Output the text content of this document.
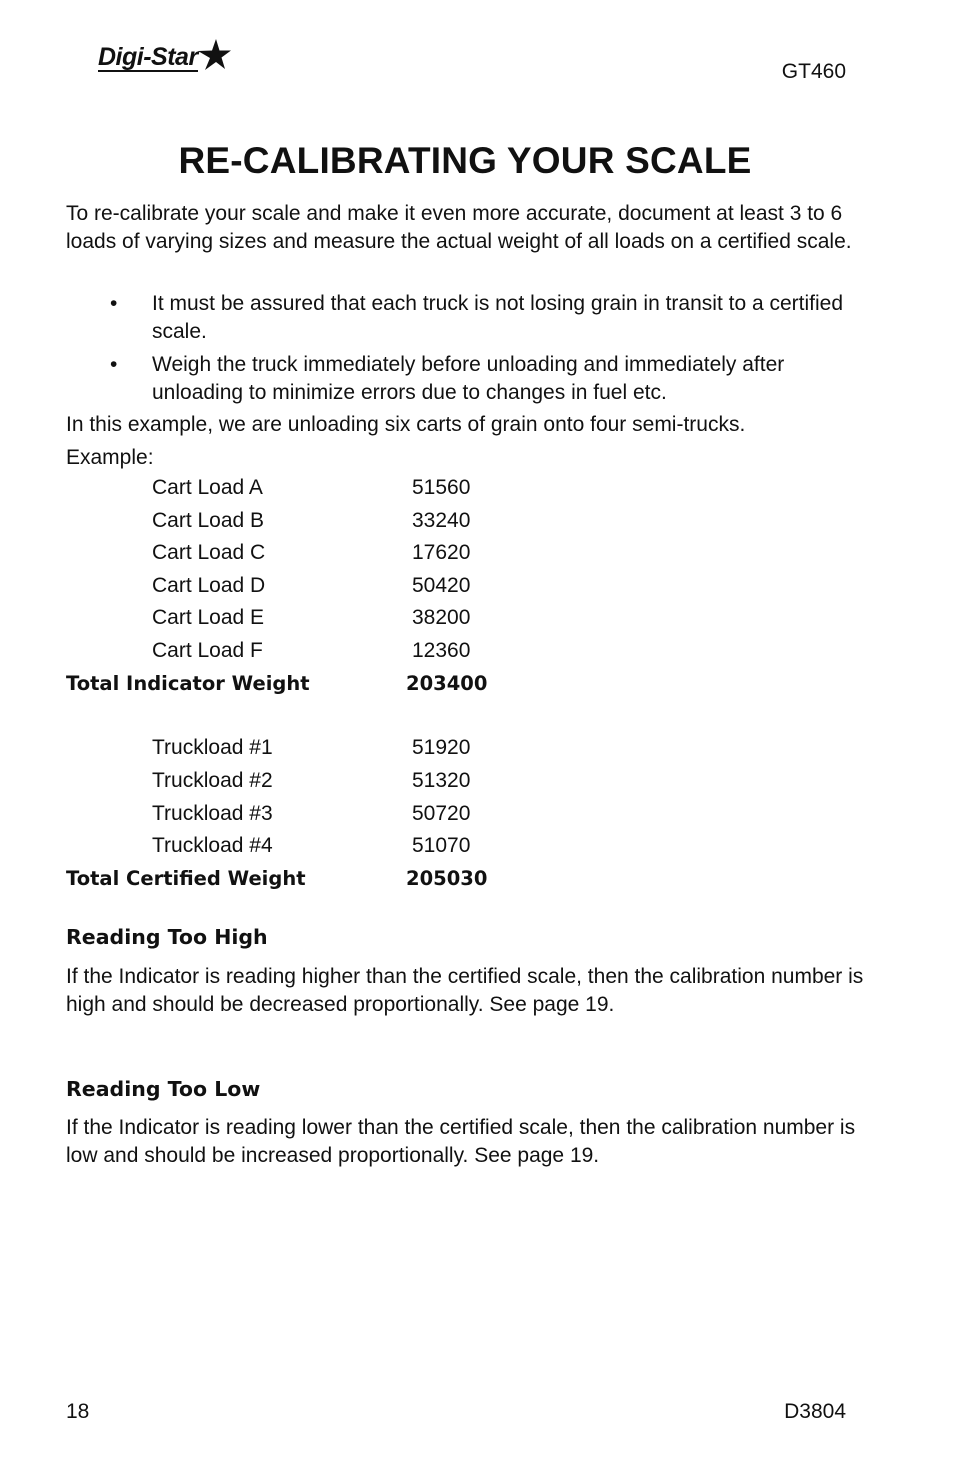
Digi-Star
GT460
RE-CALIBRATING YOUR SCALE
To re-calibrate your scale and make it even more accurate, document at least 3 to 6 loads of varying sizes and measure the actual weight of all loads on a certified scale.
• It must be assured that each truck is not losing grain in transit to a certified scale.
• Weigh the truck immediately before unloading and immediately after unloading to minimize errors due to changes in fuel etc.
In this example, we are unloading six carts of grain onto four semi-trucks.
Example:
Cart Load A	51560
Cart Load B	33240
Cart Load C	17620
Cart Load D	50420
Cart Load E	38200
Cart Load F	12360
Total Indicator Weight	203400
Truckload #1	51920
Truckload #2	51320
Truckload #3	50720
Truckload #4	51070
Total Certified Weight	205030
Reading Too High
If the Indicator is reading higher than the certified scale, then the calibration number is high and should be decreased proportionally. See page 19.
Reading Too Low
If the Indicator is reading lower than the certified scale, then the calibration number is low and should be increased proportionally. See page 19.
18	D3804
